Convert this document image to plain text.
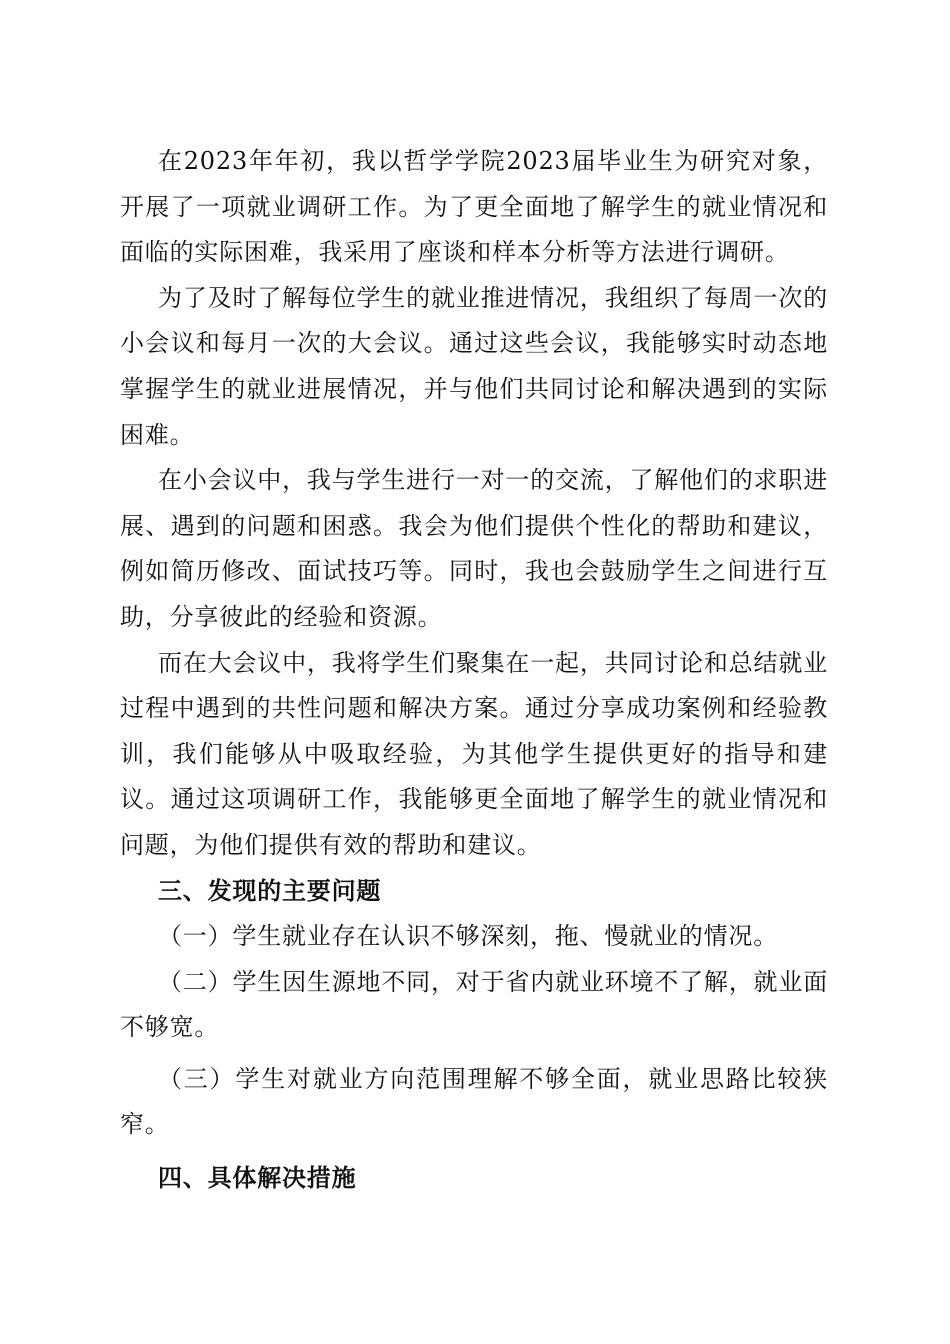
在2023年年初，我以哲学学院2023届毕业生为研究对象，开展了一项就业调研工作。为了更全面地了解学生的就业情况和面临的实际困难，我采用了座谈和样本分析等方法进行调研。

为了及时了解每位学生的就业推进情况，我组织了每周一次的小会议和每月一次的大会议。通过这些会议，我能够实时动态地掌握学生的就业进展情况，并与他们共同讨论和解决遇到的实际困难。

在小会议中，我与学生进行一对一的交流，了解他们的求职进展、遇到的问题和困惑。我会为他们提供个性化的帮助和建议，例如简历修改、面试技巧等。同时，我也会鼓励学生之间进行互助，分享彼此的经验和资源。

而在大会议中，我将学生们聚集在一起，共同讨论和总结就业过程中遇到的共性问题和解决方案。通过分享成功案例和经验教训，我们能够从中吸取经验，为其他学生提供更好的指导和建议。通过这项调研工作，我能够更全面地了解学生的就业情况和问题，为他们提供有效的帮助和建议。

三、发现的主要问题

（一）学生就业存在认识不够深刻，拖、慢就业的情况。

（二）学生因生源地不同，对于省内就业环境不了解，就业面不够宽。

（三）学生对就业方向范围理解不够全面，就业思路比较狭窄。

四、具体解决措施
